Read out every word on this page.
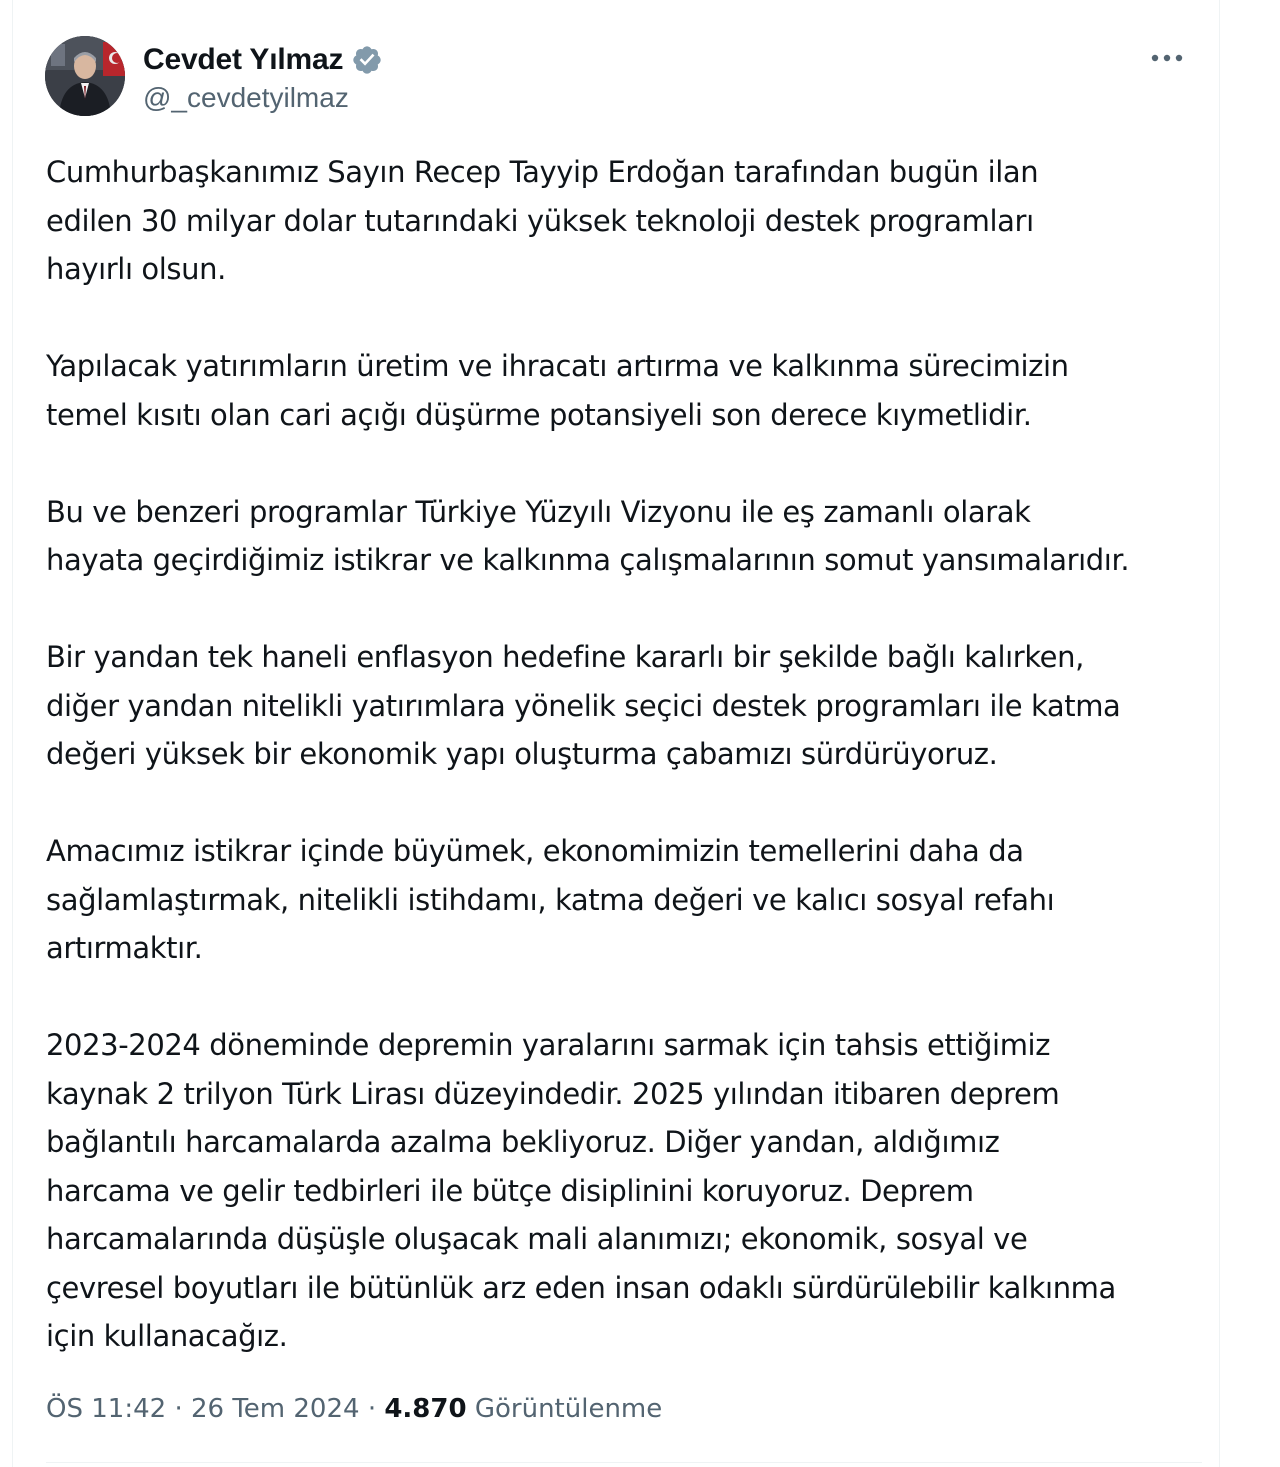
Cevdet Yılmaz
@_cevdetyilmaz

Cumhurbaşkanımız Sayın Recep Tayyip Erdoğan tarafından bugün ilan
edilen 30 milyar dolar tutarındaki yüksek teknoloji destek programları
hayırlı olsun.

Yapılacak yatırımların üretim ve ihracatı artırma ve kalkınma sürecimizin
temel kısıtı olan cari açığı düşürme potansiyeli son derece kıymetlidir.

Bu ve benzeri programlar Türkiye Yüzyılı Vizyonu ile eş zamanlı olarak
hayata geçirdiğimiz istikrar ve kalkınma çalışmalarının somut yansımalarıdır.

Bir yandan tek haneli enflasyon hedefine kararlı bir şekilde bağlı kalırken,
diğer yandan nitelikli yatırımlara yönelik seçici destek programları ile katma
değeri yüksek bir ekonomik yapı oluşturma çabamızı sürdürüyoruz.

Amacımız istikrar içinde büyümek, ekonomimizin temellerini daha da
sağlamlaştırmak, nitelikli istihdamı, katma değeri ve kalıcı sosyal refahı
artırmaktır.

2023-2024 döneminde depremin yaralarını sarmak için tahsis ettiğimiz
kaynak 2 trilyon Türk Lirası düzeyindedir. 2025 yılından itibaren deprem
bağlantılı harcamalarda azalma bekliyoruz. Diğer yandan, aldığımız
harcama ve gelir tedbirleri ile bütçe disiplinini koruyoruz. Deprem
harcamalarında düşüşle oluşacak mali alanımızı; ekonomik, sosyal ve
çevresel boyutları ile bütünlük arz eden insan odaklı sürdürülebilir kalkınma
için kullanacağız.

ÖS 11:42 · 26 Tem 2024 · 4.870 Görüntülenme
